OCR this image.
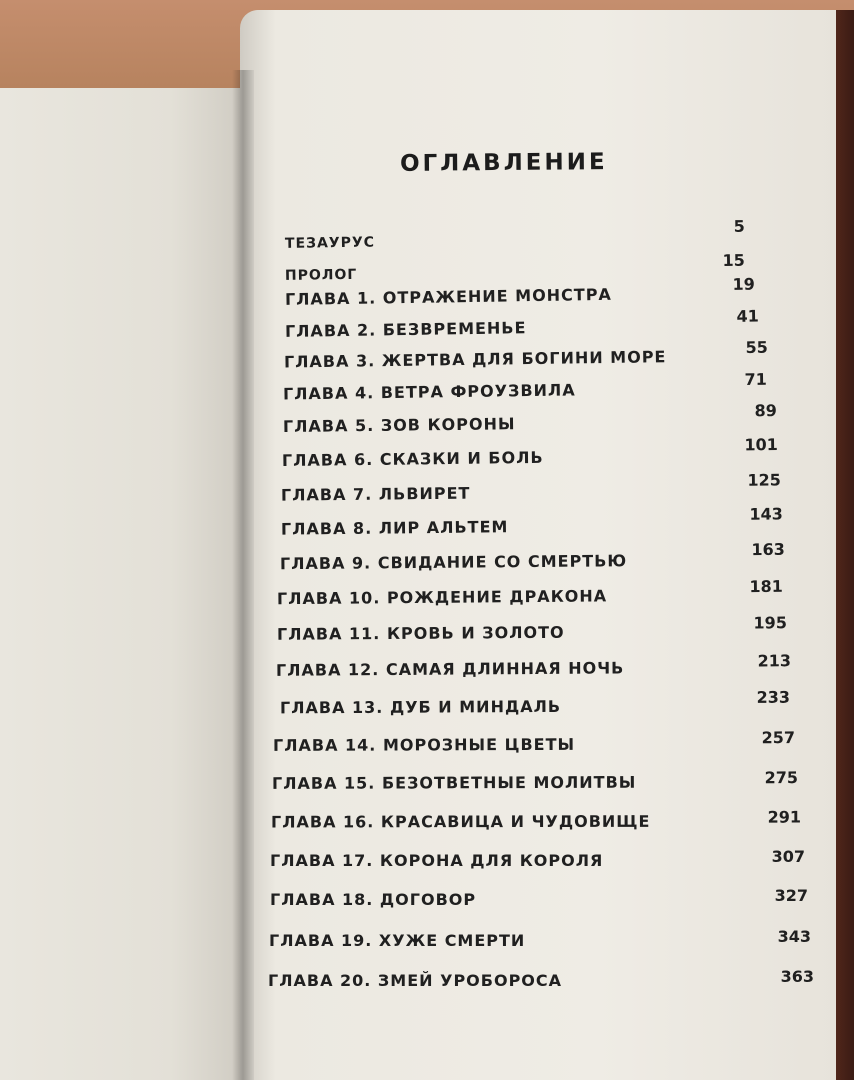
ОГЛАВЛЕНИЕ
ТЕЗАУРУС
5
ПРОЛОГ
15
ГЛАВА 1. ОТРАЖЕНИЕ МОНСТРА
19
ГЛАВА 2. БЕЗВРЕМЕНЬЕ
41
ГЛАВА 3. ЖЕРТВА ДЛЯ БОГИНИ МОРЕ	55
ГЛАВА 4. ВЕТРА ФРОУЗВИЛА
71
ГЛАВА 5. ЗОВ КОРОНЫ
89
ГЛАВА 6. СКАЗКИ И БОЛЬ
101
ГЛАВА 7. ЛЬВИРЕТ
125
ГЛАВА 8. ЛИР АЛЬТЕМ
143
ГЛАВА 9. СВИДАНИЕ СО СМЕРТЬЮ
163
ГЛАВА 10. РОЖДЕНИЕ ДРАКОНА	181
ГЛАВА 11. КРОВЬ И ЗОЛОТО	195
ГЛАВА 12. САМАЯ ДЛИННАЯ НОЧЬ	213
ГЛАВА 13. ДУБ И МИНДАЛЬ	233
ГЛАВА 14. МОРОЗНЫЕ ЦВЕТЫ	257
ГЛАВА 15. БЕЗОТВЕТНЫЕ МОЛИТВЫ	275
ГЛАВА 16. КРАСАВИЦА И ЧУДОВИЩЕ	291
ГЛАВА 17. КОРОНА ДЛЯ КОРОЛЯ	307
ГЛАВА 18. ДОГОВОР	327
ГЛАВА 19. ХУЖЕ СМЕРТИ	343
ГЛАВА 20. ЗМЕЙ УРОБОРОСА	363
